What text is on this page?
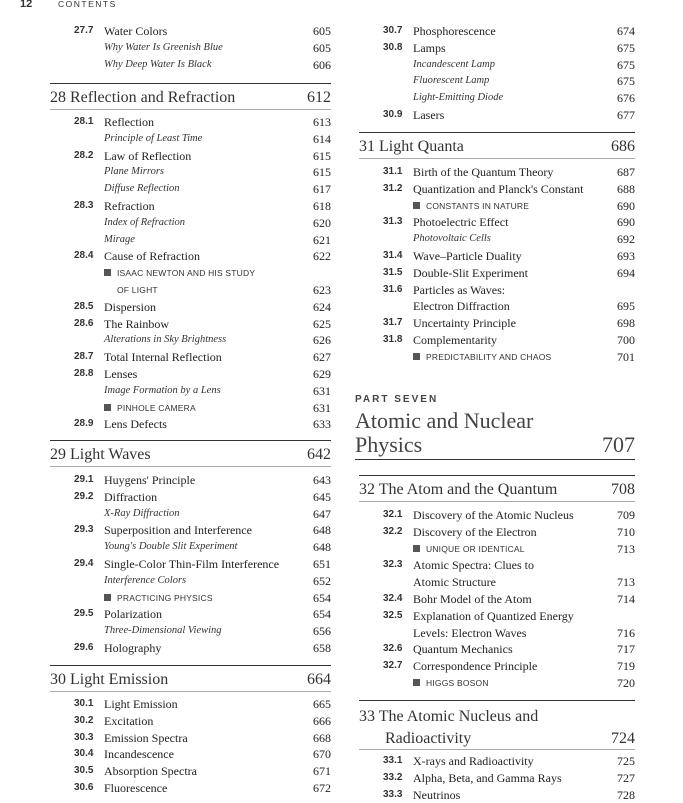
12	CONTENTS
27.7 Water Colors	605
Why Water Is Greenish Blue	605
Why Deep Water Is Black	606
28 Reflection and Refraction	612
28.1 Reflection	613
Principle of Least Time	614
28.2 Law of Reflection	615
Plane Mirrors	615
Diffuse Reflection	617
28.3 Refraction	618
Index of Refraction	620
Mirage	621
28.4 Cause of Refraction	622
ISAAC NEWTON AND HIS STUDY
OF LIGHT	623
28.5 Dispersion	624
28.6 The Rainbow	625
Alterations in Sky Brightness	626
28.7 Total Internal Reflection	627
28.8 Lenses	629
Image Formation by a Lens	631
PINHOLE CAMERA	631
28.9 Lens Defects	633
29 Light Waves	642
29.1 Huygens' Principle	643
29.2 Diffraction	645
X-Ray Diffraction	647
29.3 Superposition and Interference	648
Young's Double Slit Experiment	648
29.4 Single-Color Thin-Film Interference	651
Interference Colors	652
PRACTICING PHYSICS	654
29.5 Polarization	654
Three-Dimensional Viewing	656
29.6 Holography	658
30 Light Emission	664
30.1 Light Emission	665
30.2 Excitation	666
30.3 Emission Spectra	668
30.4 Incandescence	670
30.5 Absorption Spectra	671
30.6 Fluorescence	672
30.7 Phosphorescence	674
30.8 Lamps	675
Incandescent Lamp	675
Fluorescent Lamp	675
Light-Emitting Diode	676
30.9 Lasers	677
31 Light Quanta	686
31.1 Birth of the Quantum Theory	687
31.2 Quantization and Planck's Constant	688
CONSTANTS IN NATURE	690
31.3 Photoelectric Effect	690
Photovoltaic Cells	692
31.4 Wave–Particle Duality	693
31.5 Double-Slit Experiment	694
31.6 Particles as Waves:
Electron Diffraction	695
31.7 Uncertainty Principle	698
31.8 Complementarity	700
PREDICTABILITY AND CHAOS	701
PART SEVEN
Atomic and Nuclear
Physics	707
32 The Atom and the Quantum	708
32.1 Discovery of the Atomic Nucleus	709
32.2 Discovery of the Electron	710
UNIQUE OR IDENTICAL	713
32.3 Atomic Spectra: Clues to
Atomic Structure	713
32.4 Bohr Model of the Atom	714
32.5 Explanation of Quantized Energy
Levels: Electron Waves	716
32.6 Quantum Mechanics	717
32.7 Correspondence Principle	719
HIGGS BOSON	720
33 The Atomic Nucleus and
Radioactivity	724
33.1 X-rays and Radioactivity	725
33.2 Alpha, Beta, and Gamma Rays	727
33.3 Neutrinos	728
